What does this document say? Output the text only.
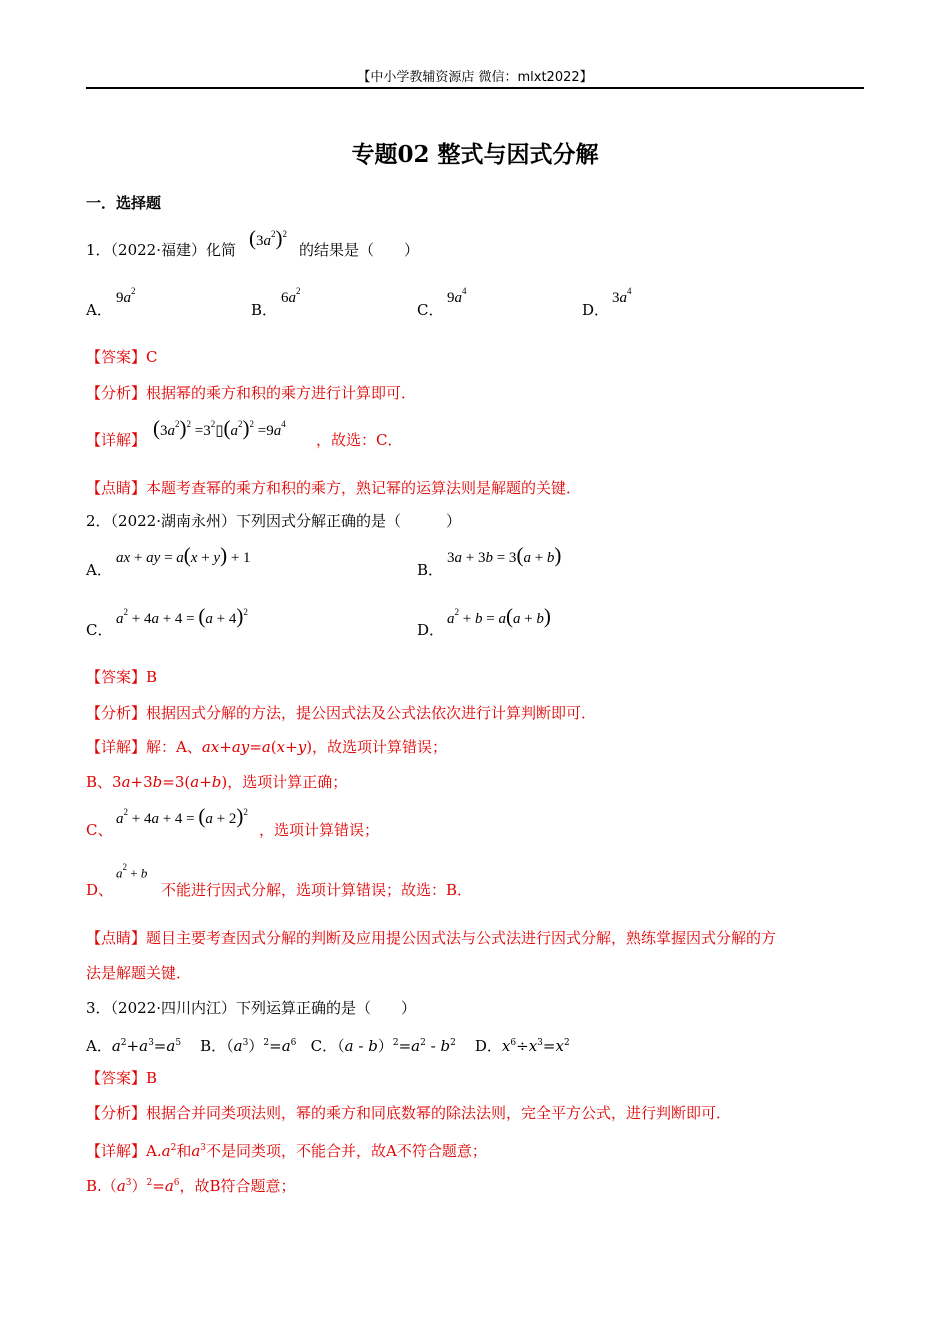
【中小学教辅资源店 微信：mlxt2022】
专题02 整式与因式分解
一．选择题
1．（2022·福建）化简 $(3a^2)^2$
的结果是（　　）
A．
$9a^2$
B．
$6a^2$
C．
$9a^4$
D．
$3a^4$
【答案】C
【分析】根据幂的乘方和积的乘方进行计算即可．
【详解】 $(3a^2)^2$ $=3^2▯(a^2)^2 =9a^4$
，故选：C．
【点睛】本题考查幂的乘方和积的乘方，熟记幂的运算法则是解题的关键．
2．（2022·湖南永州）下列因式分解正确的是（　　　）
A．
ax + ay = a(x + y) + 1
B．
3a + 3b = 3(a + b)
C．
$a^2 + 4a + 4 = (a + 4)^2$
D．
$a^2 + b = a(a + b)$
【答案】B
【分析】根据因式分解的方法，提公因式法及公式法依次进行计算判断即可．
【详解】解：A、ax+ay=a(x+y)，故选项计算错误；
B、3a+3b=3(a+b)，选项计算正确；
C、
$a^2 + 4a + 4 = (a + 2)^2$
，选项计算错误；
D、
$a^2 + b$
不能进行因式分解，选项计算错误；故选：B．
【点睛】题目主要考查因式分解的判断及应用提公因式法与公式法进行因式分解，熟练掌握因式分解的方
法是解题关键．
3．（2022·四川内江）下列运算正确的是（　　）
A．$a^2+a^3=a^5$    B．$(a^3)^2=a^6$   C．$(a - b)^2=a^2 - b^2$    D．$x^6\div x^3=x^2$
【答案】B
【分析】根据合并同类项法则，幂的乘方和同底数幂的除法法则，完全平方公式，进行判断即可．
【详解】$A.a^2$和$a^3$不是同类项，不能合并，故A不符合题意；
$B.(a^3)^2=a^6$，故B符合题意；
